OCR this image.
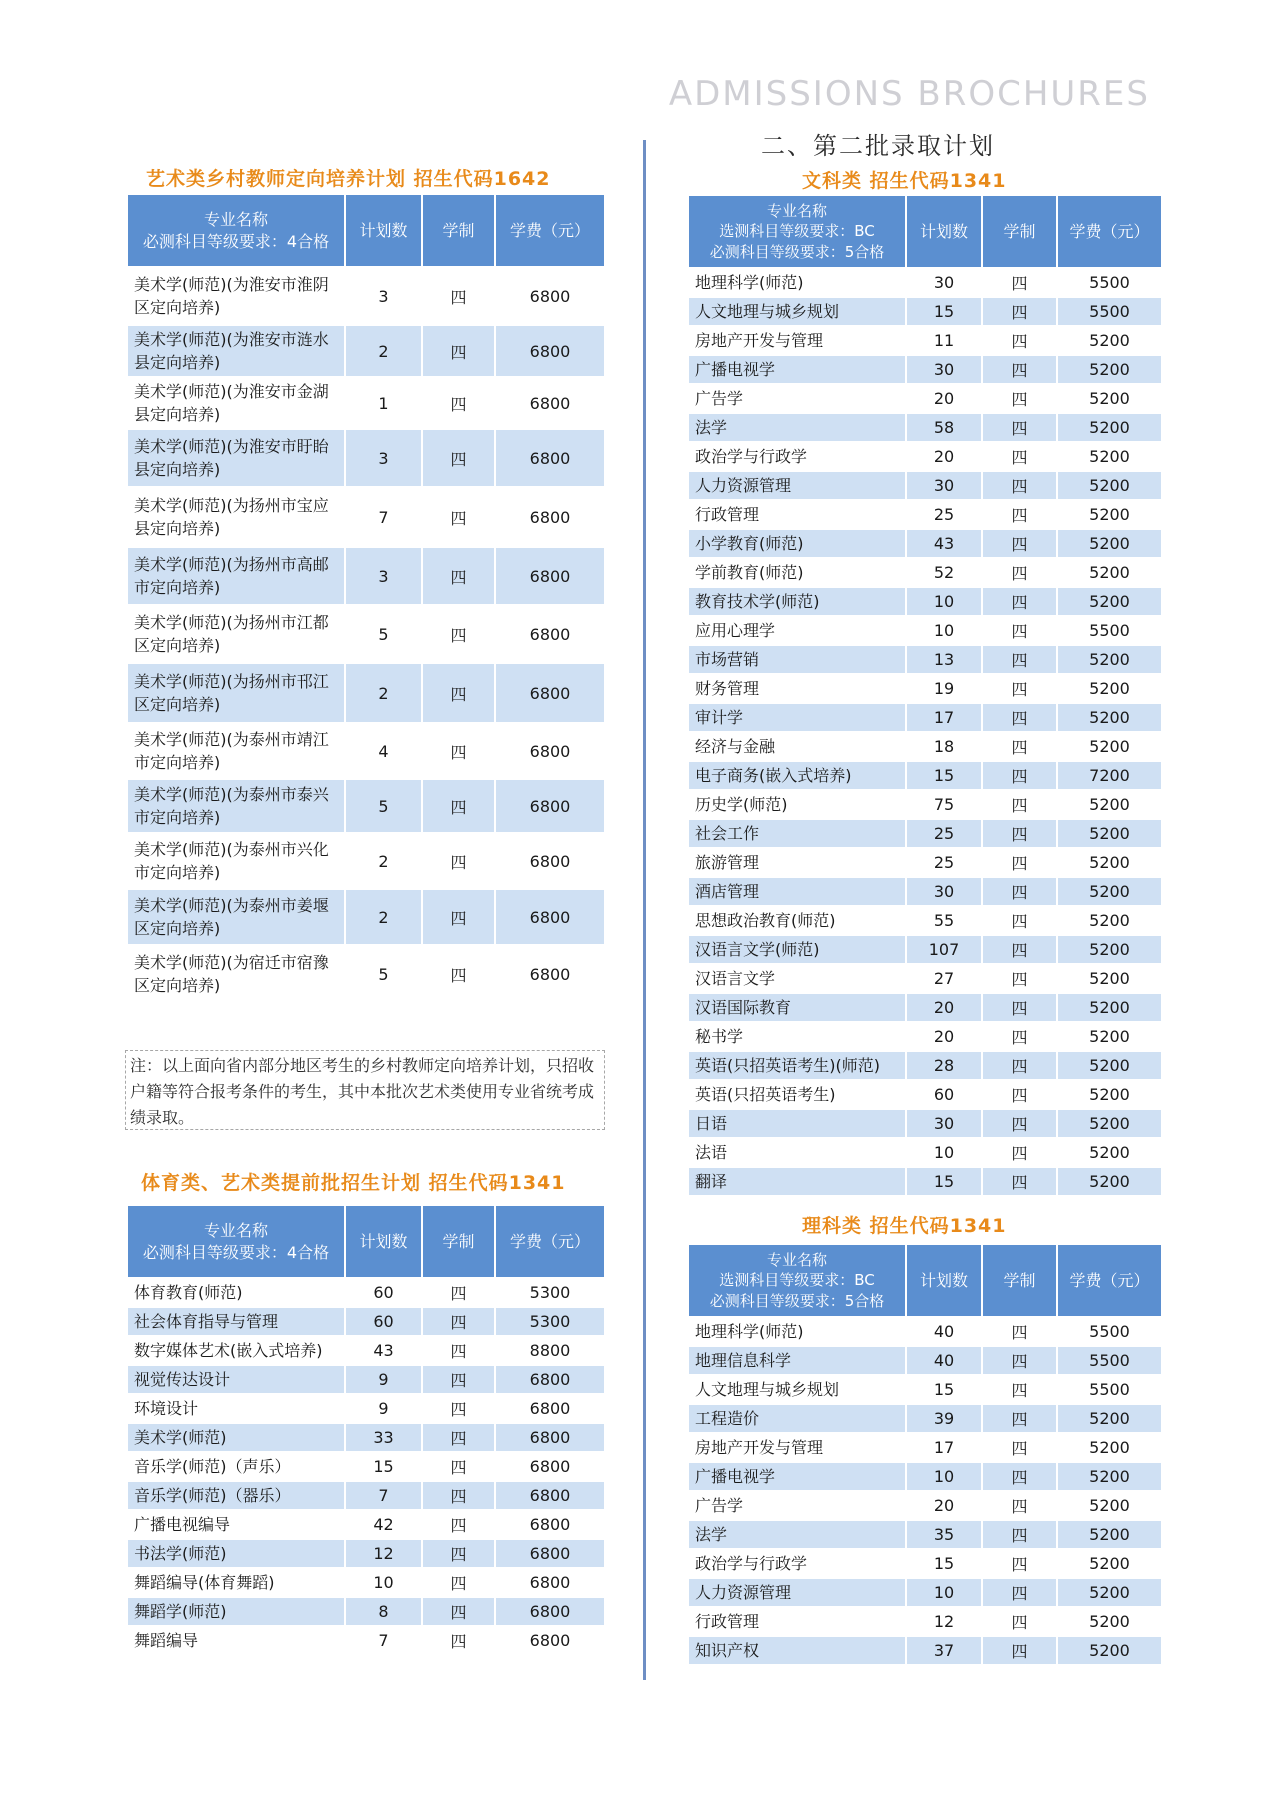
ADMISSIONS BROCHURES
二、第二批录取计划
艺术类乡村教师定向培养计划 招生代码1642
专业名称
必测科目等级要求：4合格	计划数	学制	学费（元）
美术学(师范)(为淮安市淮阴区定向培养)	3	四	6800
美术学(师范)(为淮安市涟水县定向培养)	2	四	6800
美术学(师范)(为淮安市金湖县定向培养)	1	四	6800
美术学(师范)(为淮安市盱眙县定向培养)	3	四	6800
美术学(师范)(为扬州市宝应县定向培养)	7	四	6800
美术学(师范)(为扬州市高邮市定向培养)	3	四	6800
美术学(师范)(为扬州市江都区定向培养)	5	四	6800
美术学(师范)(为扬州市邗江区定向培养)	2	四	6800
美术学(师范)(为泰州市靖江市定向培养)	4	四	6800
美术学(师范)(为泰州市泰兴市定向培养)	5	四	6800
美术学(师范)(为泰州市兴化市定向培养)	2	四	6800
美术学(师范)(为泰州市姜堰区定向培养)	2	四	6800
美术学(师范)(为宿迁市宿豫区定向培养)	5	四	6800
注：以上面向省内部分地区考生的乡村教师定向培养计划，只招收户籍等符合报考条件的考生，其中本批次艺术类使用专业省统考成绩录取。
体育类、艺术类提前批招生计划 招生代码1341
专业名称
必测科目等级要求：4合格	计划数	学制	学费（元）
体育教育(师范)	60	四	5300
社会体育指导与管理	60	四	5300
数字媒体艺术(嵌入式培养)	43	四	8800
视觉传达设计	9	四	6800
环境设计	9	四	6800
美术学(师范)	33	四	6800
音乐学(师范)（声乐）	15	四	6800
音乐学(师范)（器乐）	7	四	6800
广播电视编导	42	四	6800
书法学(师范)	12	四	6800
舞蹈编导(体育舞蹈)	10	四	6800
舞蹈学(师范)	8	四	6800
舞蹈编导	7	四	6800
文科类 招生代码1341
专业名称
选测科目等级要求：BC
必测科目等级要求：5合格	计划数	学制	学费（元）
地理科学(师范)	30	四	5500
人文地理与城乡规划	15	四	5500
房地产开发与管理	11	四	5200
广播电视学	30	四	5200
广告学	20	四	5200
法学	58	四	5200
政治学与行政学	20	四	5200
人力资源管理	30	四	5200
行政管理	25	四	5200
小学教育(师范)	43	四	5200
学前教育(师范)	52	四	5200
教育技术学(师范)	10	四	5200
应用心理学	10	四	5500
市场营销	13	四	5200
财务管理	19	四	5200
审计学	17	四	5200
经济与金融	18	四	5200
电子商务(嵌入式培养)	15	四	7200
历史学(师范)	75	四	5200
社会工作	25	四	5200
旅游管理	25	四	5200
酒店管理	30	四	5200
思想政治教育(师范)	55	四	5200
汉语言文学(师范)	107	四	5200
汉语言文学	27	四	5200
汉语国际教育	20	四	5200
秘书学	20	四	5200
英语(只招英语考生)(师范)	28	四	5200
英语(只招英语考生)	60	四	5200
日语	30	四	5200
法语	10	四	5200
翻译	15	四	5200
理科类 招生代码1341
专业名称
选测科目等级要求：BC
必测科目等级要求：5合格	计划数	学制	学费（元）
地理科学(师范)	40	四	5500
地理信息科学	40	四	5500
人文地理与城乡规划	15	四	5500
工程造价	39	四	5200
房地产开发与管理	17	四	5200
广播电视学	10	四	5200
广告学	20	四	5200
法学	35	四	5200
政治学与行政学	15	四	5200
人力资源管理	10	四	5200
行政管理	12	四	5200
知识产权	37	四	5200
